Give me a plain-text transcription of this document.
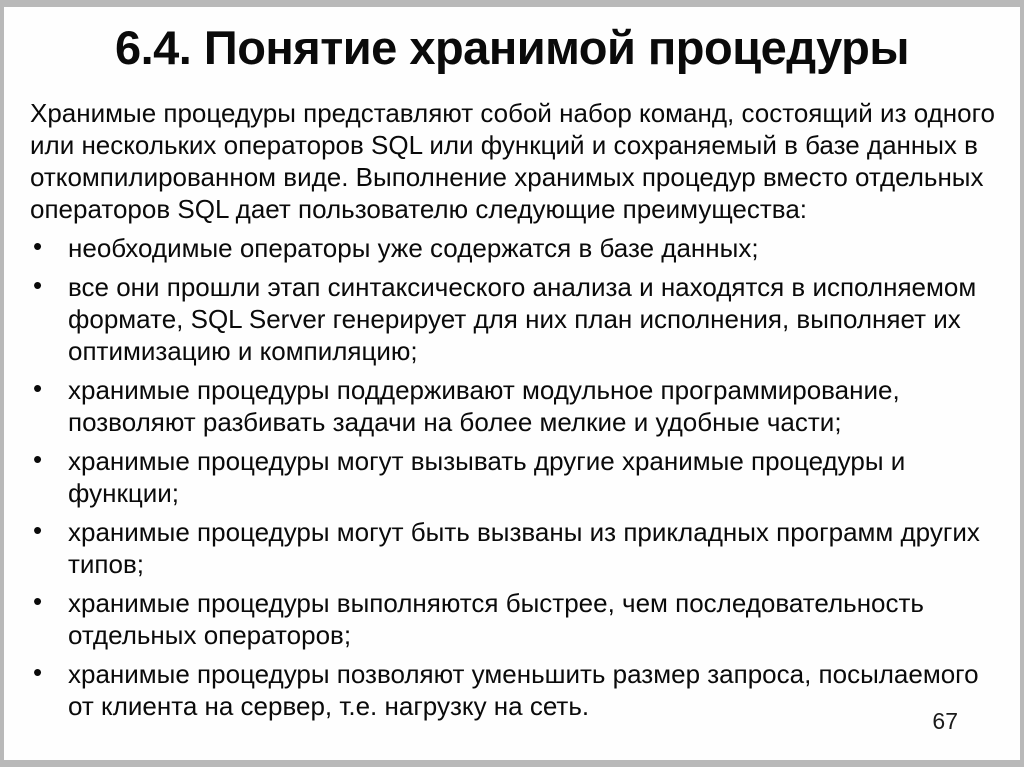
6.4. Понятие хранимой процедуры

Хранимые процедуры представляют собой набор команд, состоящий из одного или нескольких операторов SQL или функций и сохраняемый в базе данных в откомпилированном виде. Выполнение хранимых процедур вместо отдельных операторов SQL дает пользователю следующие преимущества:

• необходимые операторы уже содержатся в базе данных;
• все они прошли этап синтаксического анализа и находятся в исполняемом формате, SQL Server генерирует для них план исполнения, выполняет их оптимизацию и компиляцию;
• хранимые процедуры поддерживают модульное программирование, позволяют разбивать задачи на более мелкие и удобные части;
• хранимые процедуры могут вызывать другие хранимые процедуры и функции;
• хранимые процедуры могут быть вызваны из прикладных программ других типов;
• хранимые процедуры выполняются быстрее, чем последовательность отдельных операторов;
• хранимые процедуры позволяют уменьшить размер запроса, посылаемого от клиента на сервер, т.е. нагрузку на сеть.	67
